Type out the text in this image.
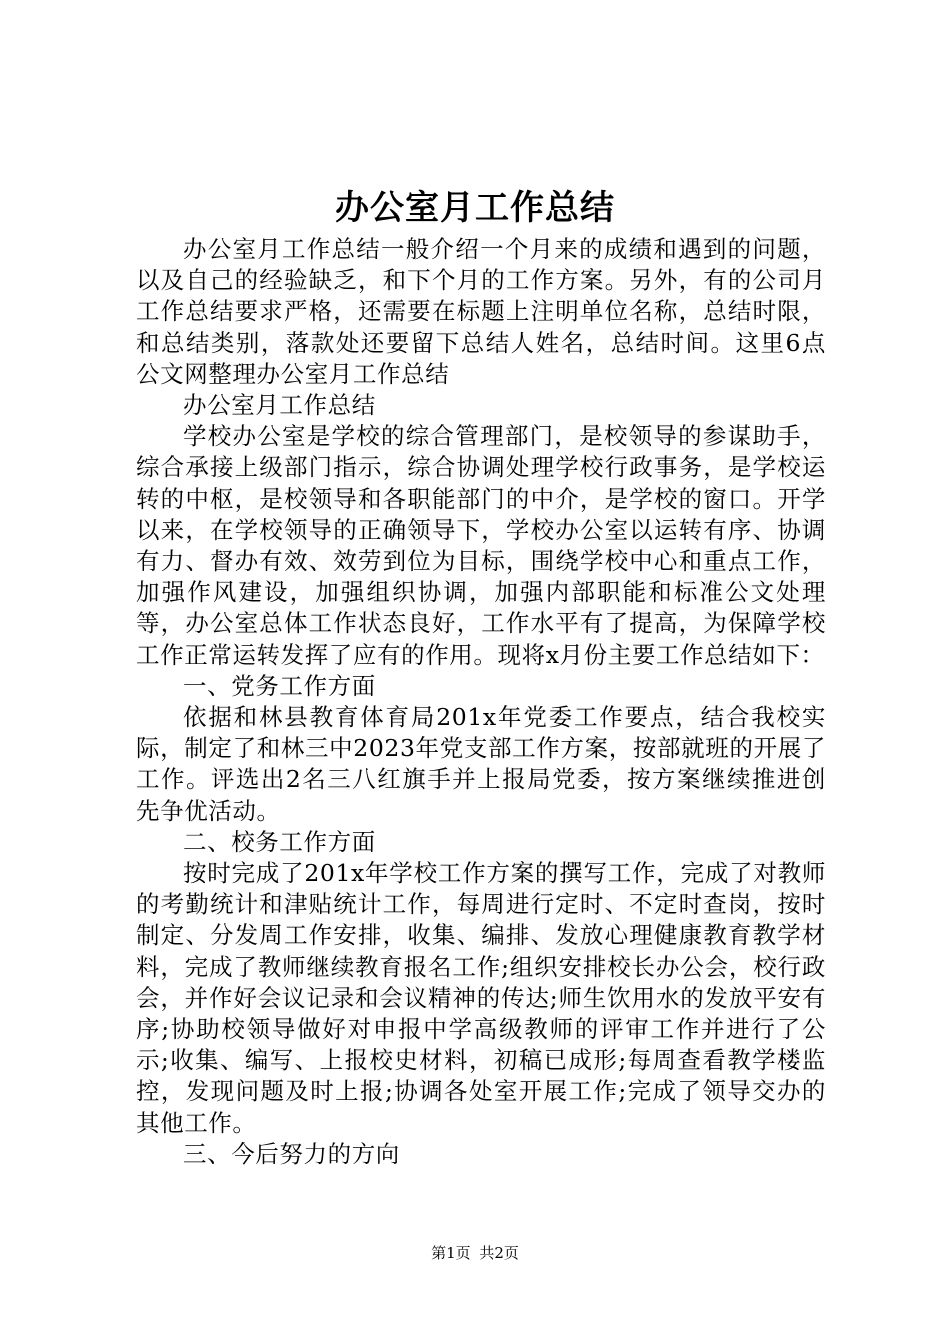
办公室月工作总结

办公室月工作总结一般介绍一个月来的成绩和遇到的问题，以及自己的经验缺乏，和下个月的工作方案。另外，有的公司月工作总结要求严格，还需要在标题上注明单位名称，总结时限，和总结类别，落款处还要留下总结人姓名，总结时间。这里6点公文网整理办公室月工作总结

办公室月工作总结

学校办公室是学校的综合管理部门，是校领导的参谋助手，综合承接上级部门指示，综合协调处理学校行政事务，是学校运转的中枢，是校领导和各职能部门的中介，是学校的窗口。开学以来，在学校领导的正确领导下，学校办公室以运转有序、协调有力、督办有效、效劳到位为目标，围绕学校中心和重点工作，加强作风建设，加强组织协调，加强内部职能和标准公文处理等，办公室总体工作状态良好，工作水平有了提高，为保障学校工作正常运转发挥了应有的作用。现将x月份主要工作总结如下：

一、党务工作方面

依据和林县教育体育局201x年党委工作要点，结合我校实际，制定了和林三中2023年党支部工作方案，按部就班的开展了工作。评选出2名三八红旗手并上报局党委，按方案继续推进创先争优活动。

二、校务工作方面

按时完成了201x年学校工作方案的撰写工作，完成了对教师的考勤统计和津贴统计工作，每周进行定时、不定时查岗，按时制定、分发周工作安排，收集、编排、发放心理健康教育教学材料，完成了教师继续教育报名工作;组织安排校长办公会，校行政会，并作好会议记录和会议精神的传达;师生饮用水的发放平安有序;协助校领导做好对申报中学高级教师的评审工作并进行了公示;收集、编写、上报校史材料，初稿已成形;每周查看教学楼监控，发现问题及时上报;协调各处室开展工作;完成了领导交办的其他工作。

三、今后努力的方向

第1页 共2页
